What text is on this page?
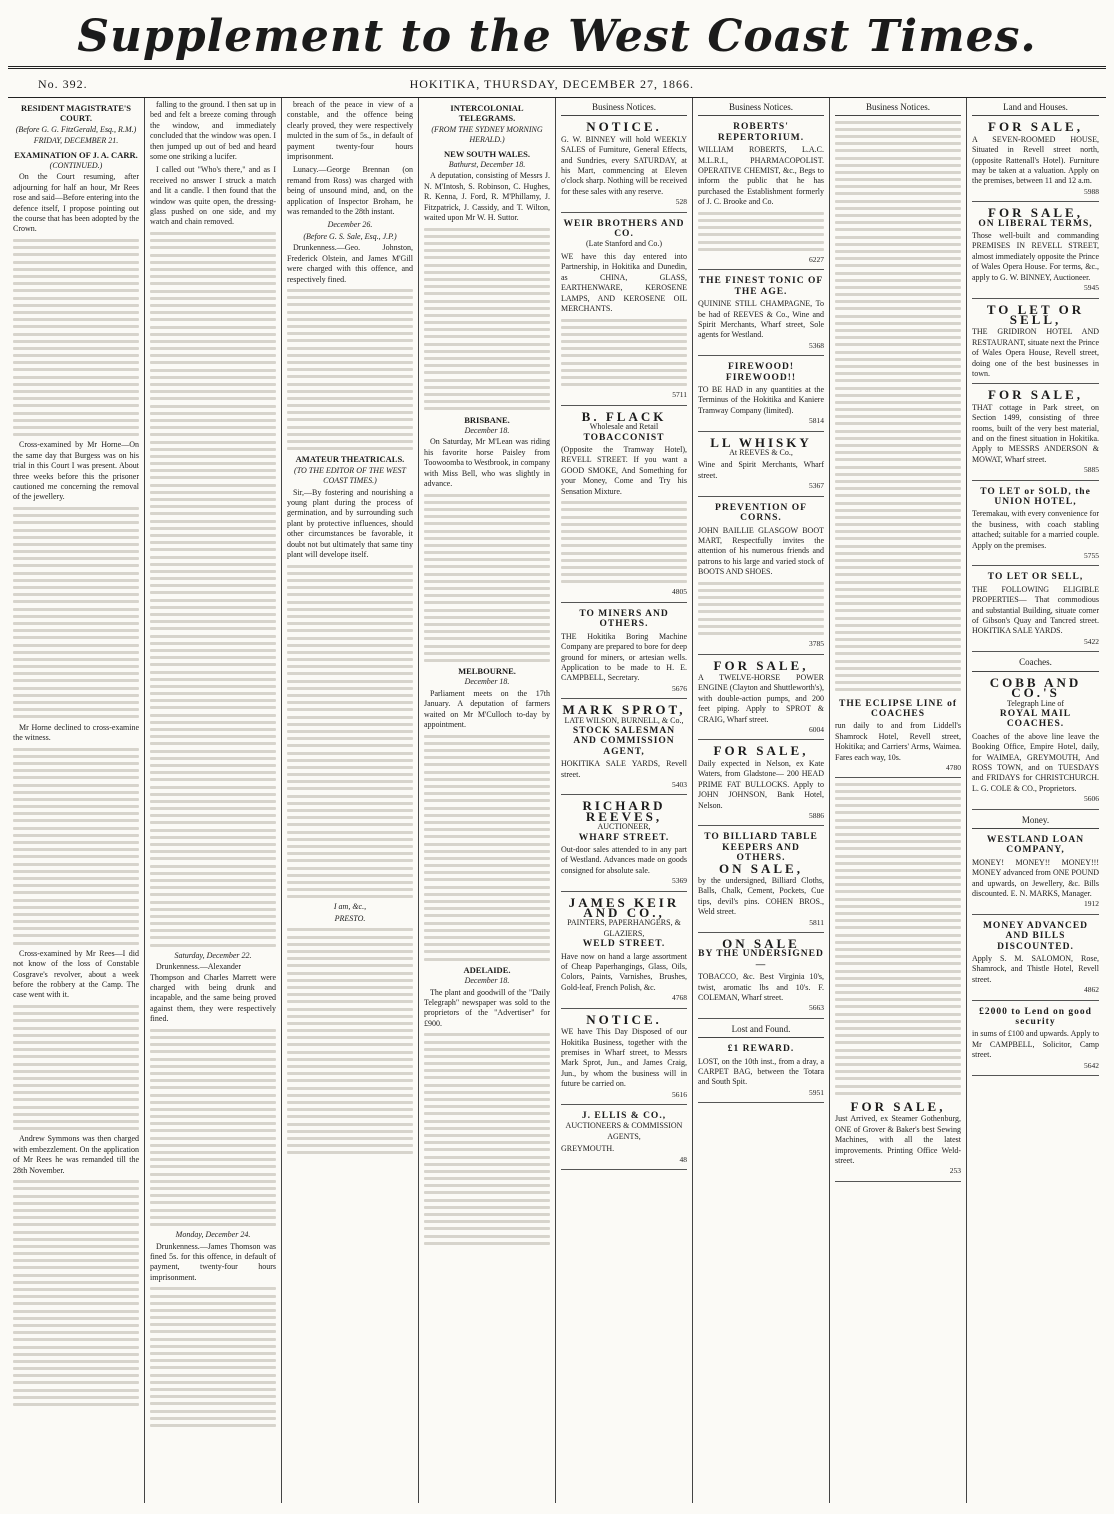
Supplement to the West Coast Times.
No. 392.	HOKITIKA, THURSDAY, DECEMBER 27, 1866.
RESIDENT MAGISTRATE'S COURT.
(Before G. G. FitzGerald, Esq., R.M.)
FRIDAY, DECEMBER 21.
EXAMINATION OF J. A. CARR.
(CONTINUED.)

On the Court resuming, after adjourning for half an hour, Mr Rees rose and said—Before entering into the defence itself, I propose pointing out the course that has been adopted by the Crown.

Cross-examined by Mr Horne—On the same day that Burgess was on his trial in this Court I was present. About three weeks before this the prisoner cautioned me concerning the removal of the jewellery.

Mr Horne declined to cross-examine the witness.

Cross-examined by Mr Rees—I did not know of the loss of Constable Cosgrave's revolver, about a week before the robbery at the Camp. The case went with it.

Andrew Symmons was then charged with embezzlement. On the application of Mr Rees he was remanded till the 28th November.

falling to the ground. I then sat up in bed and felt a breeze coming through the window, and immediately concluded that the window was open. I then jumped up out of bed and heard some one striking a lucifer.

I called out "Who's there," and as I received no answer I struck a match and lit a candle. I then found that the window was quite open, the dressing-glass pushed on one side, and my watch and chain removed.

Saturday, December 22.

Drunkenness.—Alexander Thompson and Charles Marrett were charged with being drunk and incapable, and the same being proved against them, they were respectively fined.

Monday, December 24.

Drunkenness.—James Thomson was fined 5s. for this offence, in default of payment, twenty-four hours imprisonment.

breach of the peace in view of a constable, and the offence being clearly proved, they were respectively mulcted in the sum of 5s., in default of payment twenty-four hours imprisonment.

Lunacy.—George Brennan (on remand from Ross) was charged with being of unsound mind, and, on the application of Inspector Broham, he was remanded to the 28th instant.

December 26.
(Before G. S. Sale, Esq., J.P.)

Drunkenness.—Geo. Johnston, Frederick Olstein, and James M'Gill were charged with this offence, and respectively fined.

AMATEUR THEATRICALS.
(TO THE EDITOR OF THE WEST COAST TIMES.)

Sir,—By fostering and nourishing a young plant during the process of germination, and by surrounding such plant by protective influences, should other circumstances be favorable, it doubt not but ultimately that same tiny plant will develope itself.

I am, &c.,
PRESTO.
INTERCOLONIAL TELEGRAMS.
(FROM THE SYDNEY MORNING HERALD.)
NEW SOUTH WALES.
Bathurst, December 18.

A deputation, consisting of Messrs J. N. M'Intosh, S. Robinson, C. Hughes, R. Kenna, J. Ford, R. M'Phillamy, J. Fitzpatrick, J. Cassidy, and T. Wilton, waited upon Mr W. H. Suttor.

BRISBANE.
December 18.

On Saturday, Mr M'Lean was riding his favorite horse Paisley from Toowoomba to Westbrook, in company with Miss Bell, who was slightly in advance.

MELBOURNE.
December 18.

Parliament meets on the 17th January. A deputation of farmers waited on Mr M'Culloch to-day by appointment.

ADELAIDE.
December 18.

The plant and goodwill of the "Daily Telegraph" newspaper was sold to the proprietors of the "Advertiser" for £900.

Business Notices.
NOTICE.
G. W. BINNEY will hold WEEKLY SALES of Furniture, General Effects, and Sundries, every SATURDAY, at his Mart, commencing at Eleven o'clock sharp. Nothing will be received for these sales with any reserve.
528
WEIR BROTHERS AND CO.
(Late Stanford and Co.)
WE have this day entered into Partnership, in Hokitika and Dunedin, as CHINA, GLASS, EARTHENWARE, KEROSENE LAMPS, AND KEROSENE OIL MERCHANTS.
5711
B. FLACK
Wholesale and Retail
TOBACCONIST
(Opposite the Tramway Hotel), REVELL STREET. If you want a GOOD SMOKE, And Something for your Money, Come and Try his Sensation Mixture.
4805
TO MINERS AND OTHERS.
THE Hokitika Boring Machine Company are prepared to bore for deep ground for miners, or artesian wells. Application to be made to H. E. CAMPBELL, Secretary.
5676
MARK SPROT,
LATE WILSON, BURNELL, & Co.,
STOCK SALESMAN AND COMMISSION AGENT,
HOKITIKA SALE YARDS, Revell street.
5403
RICHARD REEVES,
AUCTIONEER,
WHARF STREET.
Out-door sales attended to in any part of Westland. Advances made on goods consigned for absolute sale.
5369
JAMES KEIR AND CO.,
PAINTERS, PAPERHANGERS, & GLAZIERS,
WELD STREET.
Have now on hand a large assortment of Cheap Paperhangings, Glass, Oils, Colors, Paints, Varnishes, Brushes, Gold-leaf, French Polish, &c.
4768
NOTICE.
WE have This Day Disposed of our Hokitika Business, together with the premises in Wharf street, to Messrs Mark Sprot, Jun., and James Craig, Jun., by whom the business will in future be carried on.
5616
J. ELLIS & CO.,
AUCTIONEERS & COMMISSION AGENTS,
GREYMOUTH.
48
Business Notices.
ROBERTS' REPERTORIUM.
WILLIAM ROBERTS, L.A.C. M.L.R.I., PHARMACOPOLIST. OPERATIVE CHEMIST, &c., Begs to inform the public that he has purchased the Establishment formerly of J. C. Brooke and Co.
6227
THE FINEST TONIC OF THE AGE.
QUININE STILL CHAMPAGNE, To be had of REEVES & Co., Wine and Spirit Merchants, Wharf street, Sole agents for Westland.
5368
FIREWOOD! FIREWOOD!!
TO BE HAD in any quantities at the Terminus of the Hokitika and Kaniere Tramway Company (limited).
5814
LL WHISKY
At REEVES & Co.,
Wine and Spirit Merchants, Wharf street.
5367
PREVENTION OF CORNS.
JOHN BAILLIE GLASGOW BOOT MART, Respectfully invites the attention of his numerous friends and patrons to his large and varied stock of BOOTS AND SHOES.
3785
FOR SALE,
A TWELVE-HORSE POWER ENGINE (Clayton and Shuttleworth's), with double-action pumps, and 200 feet piping. Apply to SPROT & CRAIG, Wharf street.
6004
FOR SALE,
Daily expected in Nelson, ex Kate Waters, from Gladstone— 200 HEAD PRIME FAT BULLOCKS. Apply to JOHN JOHNSON, Bank Hotel, Nelson.
5886
TO BILLIARD TABLE KEEPERS AND OTHERS.
ON SALE,
by the undersigned, Billiard Cloths, Balls, Chalk, Cement, Pockets, Cue tips, devil's pins. COHEN BROS., Weld street.
5811
ON SALE
BY THE UNDERSIGNED—
TOBACCO, &c. Best Virginia 10's, twist, aromatic lbs and 10's. F. COLEMAN, Wharf street.
5663
Lost and Found.
£1 REWARD.
LOST, on the 10th inst., from a dray, a CARPET BAG, between the Totara and South Spit.
5951
Business Notices.
THE ECLIPSE LINE of COACHES
run daily to and from Liddell's Shamrock Hotel, Revell street, Hokitika; and Carriers' Arms, Waimea. Fares each way, 10s.
4780
FOR SALE,
Just Arrived, ex Steamer Gothenburg, ONE of Grover & Baker's best Sewing Machines, with all the latest improvements. Printing Office Weld-street.
253
Land and Houses.
FOR SALE,
A SEVEN-ROOMED HOUSE, Situated in Revell street north, (opposite Rattenall's Hotel). Furniture may be taken at a valuation. Apply on the premises, between 11 and 12 a.m.
5988
FOR SALE,
ON LIBERAL TERMS,
Those well-built and commanding PREMISES IN REVELL STREET, almost immediately opposite the Prince of Wales Opera House. For terms, &c., apply to G. W. BINNEY, Auctioneer.
5945
TO LET OR SELL,
THE GRIDIRON HOTEL AND RESTAURANT, situate next the Prince of Wales Opera House, Revell street, doing one of the best businesses in town.
FOR SALE,
THAT cottage in Park street, on Section 1499, consisting of three rooms, built of the very best material, and on the finest situation in Hokitika. Apply to MESSRS ANDERSON & MOWAT, Wharf street.
5885
TO LET or SOLD, the UNION HOTEL,
Teremakau, with every convenience for the business, with coach stabling attached; suitable for a married couple. Apply on the premises.
5755
TO LET OR SELL,
THE FOLLOWING ELIGIBLE PROPERTIES— That commodious and substantial Building, situate corner of Gibson's Quay and Tancred street. HOKITIKA SALE YARDS.
5422
Coaches.
COBB AND CO.'S
Telegraph Line of
ROYAL MAIL COACHES.
Coaches of the above line leave the Booking Office, Empire Hotel, daily, for WAIMEA, GREYMOUTH, And ROSS TOWN, and on TUESDAYS and FRIDAYS for CHRISTCHURCH. L. G. COLE & CO., Proprietors.
5606
Money.
WESTLAND LOAN COMPANY,
MONEY! MONEY!! MONEY!!! MONEY advanced from ONE POUND and upwards, on Jewellery, &c. Bills discounted. E. N. MARKS, Manager.
1912
MONEY ADVANCED AND BILLS DISCOUNTED.
Apply S. M. SALOMON, Rose, Shamrock, and Thistle Hotel, Revell street.
4862
£2000 to Lend on good security
in sums of £100 and upwards. Apply to Mr CAMPBELL, Solicitor, Camp street.
5642
